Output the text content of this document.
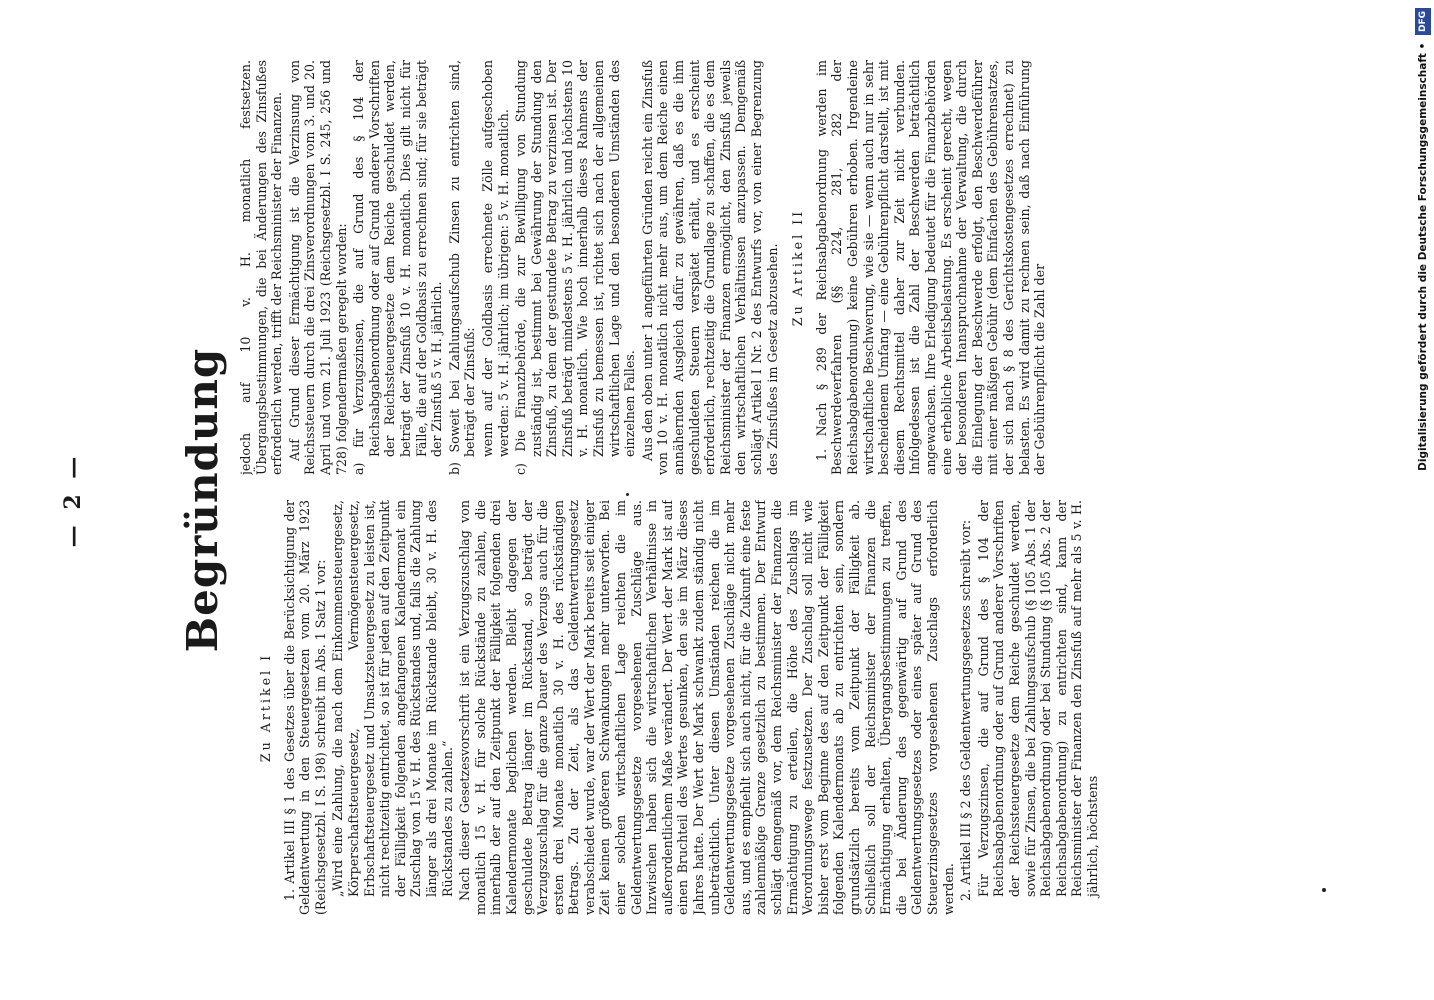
— 2 — Begründung
Zu Artikel I 1. Artikel III § 1 des Gesetzes über die Berücksichtigung der Geldentwertung in den Steuergesetzen vom 20. März 1923 (Reichsgesetzbl. I S. 198) schreibt im Abs. 1 Satz 1 vor: „Wird eine Zahlung, die nach dem Einkommensteuergesetz, Körperschaftsteuergesetz, Vermögensteuergesetz, Erbschaftsteuergesetz und Umsatzsteuergesetz zu leisten ist, nicht rechtzeitig entrichtet, so ist für jeden auf den Zeitpunkt der Fälligkeit folgenden angefangenen Kalendermonat ein Zuschlag von 15 v. H. des Rückstandes und, falls die Zahlung länger als drei Monate im Rückstande bleibt, 30 v. H. des Rückstandes zu zahlen.“ Nach dieser Gesetzesvorschrift ist ein Verzugszuschlag von monatlich 15 v. H. für solche Rückstände zu zahlen, die innerhalb der auf den Zeitpunkt der Fälligkeit folgenden drei Kalendermonate beglichen werden. Bleibt dagegen der geschuldete Betrag länger im Rückstand, so beträgt der Verzugszuschlag für die ganze Dauer des Verzugs auch für die ersten drei Monate monatlich 30 v. H. des rückständigen Betrags. Zu der Zeit, als das Geldentwertungsgesetz verabschiedet wurde, war der Wert der Mark bereits seit einiger Zeit keinen größeren Schwankungen mehr unterworfen. Bei einer solchen wirtschaftlichen Lage reichten die im Geldentwertungsgesetze vorgesehenen Zuschläge aus. Inzwischen haben sich die wirtschaftlichen Verhältnisse in außerordentlichem Maße verändert. Der Wert der Mark ist auf einen Bruchteil des Wertes gesunken, den sie im März dieses Jahres hatte. Der Wert der Mark schwankt zudem ständig nicht unbeträchtlich. Unter diesen Umständen reichen die im Geldentwertungsgesetze vorgesehenen Zuschläge nicht mehr aus, und es empfiehlt sich auch nicht, für die Zukunft eine feste zahlenmäßige Grenze gesetzlich zu bestimmen. Der Entwurf schlägt demgemäß vor, dem Reichsminister der Finanzen die Ermächtigung zu erteilen, die Höhe des Zuschlags im Verordnungswege festzusetzen. Der Zuschlag soll nicht wie bisher erst vom Beginne des auf den Zeitpunkt der Fälligkeit folgenden Kalendermonats ab zu entrichten sein, sondern grundsätzlich bereits vom Zeitpunkt der Fälligkeit ab. Schließlich soll der Reichsminister der Finanzen die Ermächtigung erhalten, Übergangsbestimmungen zu treffen, die bei Änderung des gegenwärtig auf Grund des Geldentwertungsgesetzes oder eines später auf Grund des Steuerzinsgesetzes vorgesehenen Zuschlags erforderlich werden. 2. Artikel III § 2 des Geldentwertungsgesetzes schreibt vor: Für Verzugszinsen, die auf Grund des § 104 der Reichsabgabenordnung oder auf Grund anderer Vorschriften der Reichssteuergesetze dem Reiche geschuldet werden, sowie für Zinsen, die bei Zahlungsaufschub (§ 105 Abs. 1 der Reichsabgabenordnung) oder bei Stundung (§ 105 Abs. 2 der Reichsabgabenordnung) zu entrichten sind, kann der Reichsminister der Finanzen den Zinsfuß auf mehr als 5 v. H. jährlich, höchstens

jedoch auf 10 v. H. monatlich festsetzen. Übergangsbestimmungen, die bei Änderungen des Zinsfußes erforderlich werden, trifft der Reichsminister der Finanzen. Auf Grund dieser Ermächtigung ist die Verzinsung von Reichssteuern durch die drei Zinsverordnungen vom 3. und 20. April und vom 21. Juli 1923 (Reichsgesetzbl. I S. 245, 256 und 728) folgendermaßen geregelt worden: a) für Verzugszinsen, die auf Grund des § 104 der Reichsabgabenordnung oder auf Grund anderer Vorschriften der Reichssteuergesetze dem Reiche geschuldet werden, beträgt der Zinsfuß 10 v. H. monatlich. Dies gilt nicht für Fälle, die auf der Goldbasis zu errechnen sind; für sie beträgt der Zinsfuß 5 v. H. jährlich. b) Soweit bei Zahlungsaufschub Zinsen zu entrichten sind, beträgt der Zinsfuß: wenn auf der Goldbasis errechnete Zölle aufgeschoben werden: 5 v. H. jährlich; im übrigen: 5 v. H. monatlich. c) Die Finanzbehörde, die zur Bewilligung von Stundung zuständig ist, bestimmt bei Gewährung der Stundung den Zinsfuß, zu dem der gestundete Betrag zu verzinsen ist. Der Zinsfuß beträgt mindestens 5 v. H. jährlich und höchstens 10 v. H. monatlich. Wie hoch innerhalb dieses Rahmens der Zinsfuß zu bemessen ist, richtet sich nach der allgemeinen wirtschaftlichen Lage und den besonderen Umständen des einzelnen Falles. Aus den oben unter 1 angeführten Gründen reicht ein Zinsfuß von 10 v. H. monatlich nicht mehr aus, um dem Reiche einen annähernden Ausgleich dafür zu gewähren, daß es die ihm geschuldeten Steuern verspätet erhält, und es erscheint erforderlich, rechtzeitig die Grundlage zu schaffen, die es dem Reichsminister der Finanzen ermöglicht, den Zinsfuß jeweils den wirtschaftlichen Verhältnissen anzupassen. Demgemäß schlägt Artikel I Nr. 2 des Entwurfs vor, von einer Begrenzung des Zinsfußes im Gesetz abzusehen. Zu Artikel II 1. Nach § 289 der Reichsabgabenordnung werden im Beschwerdeverfahren (§§ 224, 281, 282 der Reichsabgabenordnung) keine Gebühren erhoben. Irgendeine wirtschaftliche Beschwerung, wie sie — wenn auch nur in sehr bescheidenem Umfang — eine Gebührenpflicht darstellt, ist mit diesem Rechtsmittel daher zur Zeit nicht verbunden. Infolgedessen ist die Zahl der Beschwerden beträchtlich angewachsen. Ihre Erledigung bedeutet für die Finanzbehörden eine erhebliche Arbeitsbelastung. Es erscheint gerecht, wegen der besonderen Inanspruchnahme der Verwaltung, die durch die Einlegung der Beschwerde erfolgt, den Beschwerdeführer mit einer mäßigen Gebühr (dem Einfachen des Gebührensatzes, der sich nach § 8 des Gerichtskostengesetzes errechnet) zu belasten. Es wird damit zu rechnen sein, daß nach Einführung der Gebührenpflicht die Zahl der	Digitalisierung gefördert durch die Deutsche Forschungsgemeinschaft • DFG
